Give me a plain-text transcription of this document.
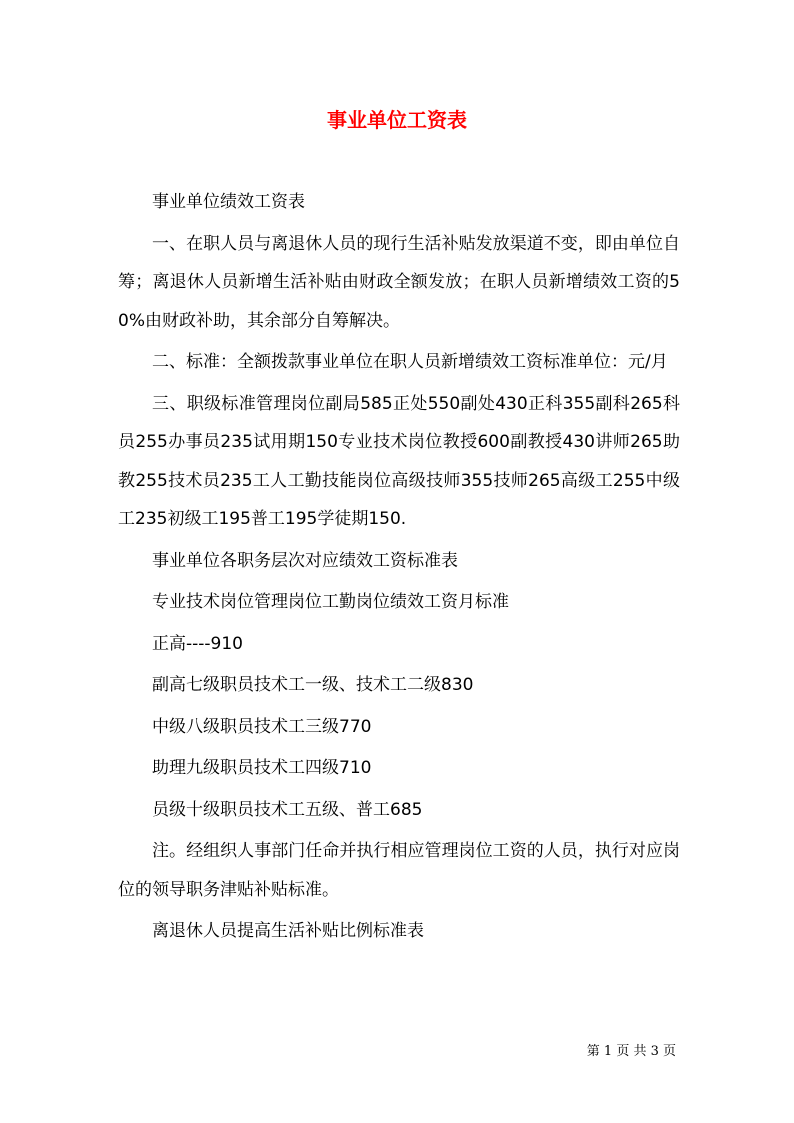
事业单位工资表

事业单位绩效工资表

一、在职人员与离退休人员的现行生活补贴发放渠道不变，即由单位自筹；离退休人员新增生活补贴由财政全额发放；在职人员新增绩效工资的50%由财政补助，其余部分自筹解决。

二、标准：全额拨款事业单位在职人员新增绩效工资标准单位：元/月

三、职级标准管理岗位副局585正处550副处430正科355副科265科员255办事员235试用期150专业技术岗位教授600副教授430讲师265助教255技术员235工人工勤技能岗位高级技师355技师265高级工255中级工235初级工195普工195学徒期150.

事业单位各职务层次对应绩效工资标准表

专业技术岗位管理岗位工勤岗位绩效工资月标准

正高----910

副高七级职员技术工一级、技术工二级830

中级八级职员技术工三级770

助理九级职员技术工四级710

员级十级职员技术工五级、普工685

注。经组织人事部门任命并执行相应管理岗位工资的人员，执行对应岗位的领导职务津贴补贴标准。

离退休人员提高生活补贴比例标准表

第 1 页 共 3 页
